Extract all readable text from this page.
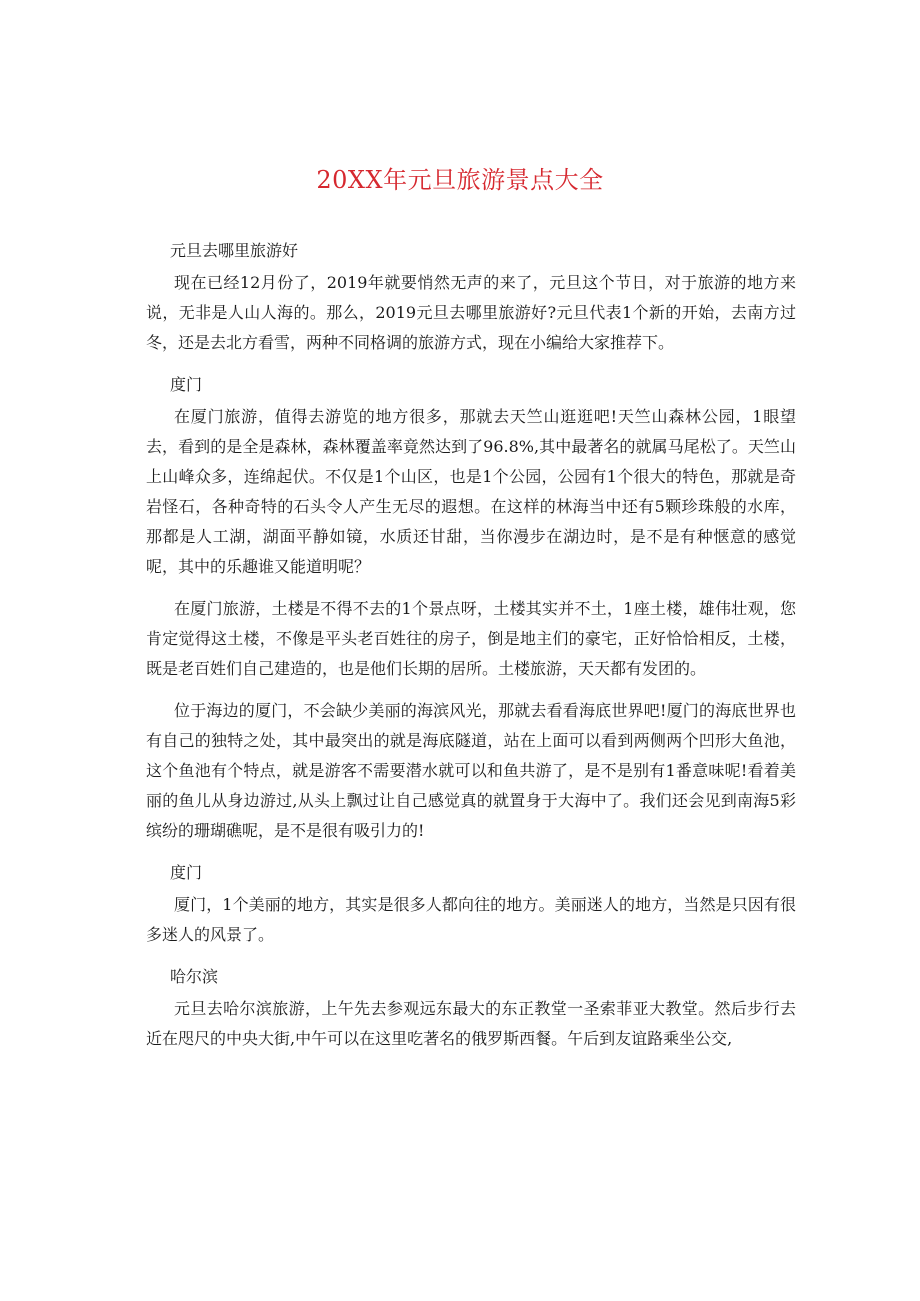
20XX年元旦旅游景点大全

元旦去哪里旅游好

现在已经12月份了，2019年就要悄然无声的来了，元旦这个节日，对于旅游的地方来说，无非是人山人海的。那么，2019元旦去哪里旅游好?元旦代表1个新的开始，去南方过冬，还是去北方看雪，两种不同格调的旅游方式，现在小编给大家推荐下。

度门

在厦门旅游，值得去游览的地方很多，那就去天竺山逛逛吧!天竺山森林公园，1眼望去，看到的是全是森林，森林覆盖率竟然达到了96.8%,其中最著名的就属马尾松了。天竺山上山峰众多，连绵起伏。不仅是1个山区，也是1个公园，公园有1个很大的特色，那就是奇岩怪石，各种奇特的石头令人产生无尽的遐想。在这样的林海当中还有5颗珍珠般的水库，那都是人工湖，湖面平静如镜，水质还甘甜，当你漫步在湖边时，是不是有种惬意的感觉呢，其中的乐趣谁又能道明呢？

在厦门旅游，土楼是不得不去的1个景点呀，土楼其实并不土，1座土楼，雄伟壮观，您肯定觉得这土楼，不像是平头老百姓往的房子，倒是地主们的豪宅，正好恰恰相反，土楼，既是老百姓们自己建造的，也是他们长期的居所。土楼旅游，天天都有发团的。

位于海边的厦门，不会缺少美丽的海滨风光，那就去看看海底世界吧!厦门的海底世界也有自己的独特之处，其中最突出的就是海底隧道，站在上面可以看到两侧两个凹形大鱼池，这个鱼池有个特点，就是游客不需要潜水就可以和鱼共游了，是不是别有1番意味呢!看着美丽的鱼儿从身边游过,从头上飘过让自己感觉真的就置身于大海中了。我们还会见到南海5彩缤纷的珊瑚礁呢，是不是很有吸引力的!

度门

厦门，1个美丽的地方，其实是很多人都向往的地方。美丽迷人的地方，当然是只因有很多迷人的风景了。

哈尔滨

元旦去哈尔滨旅游，上午先去参观远东最大的东正教堂一圣索菲亚大教堂。然后步行去近在咫尺的中央大街,中午可以在这里吃著名的俄罗斯西餐。午后到友谊路乘坐公交,
